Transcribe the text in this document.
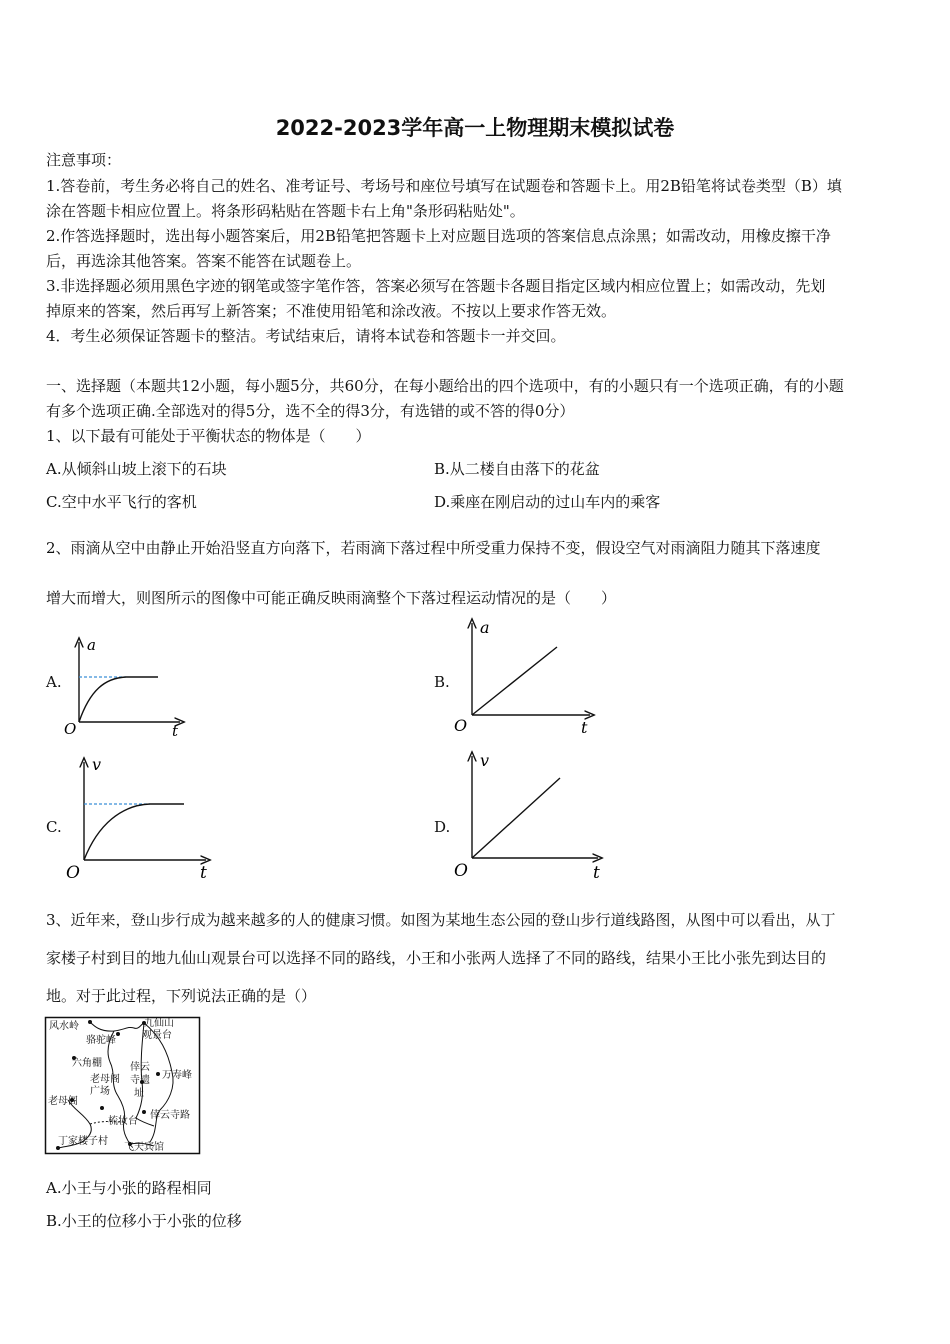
2022-2023学年高一上物理期末模拟试卷
注意事项：
1.答卷前，考生务必将自己的姓名、准考证号、考场号和座位号填写在试题卷和答题卡上。用2B铅笔将试卷类型（B）填
涂在答题卡相应位置上。将条形码粘贴在答题卡右上角"条形码粘贴处"。
2.作答选择题时，选出每小题答案后，用2B铅笔把答题卡上对应题目选项的答案信息点涂黑；如需改动，用橡皮擦干净
后，再选涂其他答案。答案不能答在试题卷上。
3.非选择题必须用黑色字迹的钢笔或签字笔作答，答案必须写在答题卡各题目指定区域内相应位置上；如需改动，先划
掉原来的答案，然后再写上新答案；不准使用铅笔和涂改液。不按以上要求作答无效。
4．考生必须保证答题卡的整洁。考试结束后，请将本试卷和答题卡一并交回。
一、选择题（本题共12小题，每小题5分，共60分，在每小题给出的四个选项中，有的小题只有一个选项正确，有的小题
有多个选项正确.全部选对的得5分，选不全的得3分，有选错的或不答的得0分）
1、以下最有可能处于平衡状态的物体是（　　）
A.从倾斜山坡上滚下的石块	B.从二楼自由落下的花盆
C.空中水平飞行的客机	D.乘座在刚启动的过山车内的乘客
2、雨滴从空中由静止开始沿竖直方向落下，若雨滴下落过程中所受重力保持不变，假设空气对雨滴阻力随其下落速度
增大而增大，则图所示的图像中可能正确反映雨滴整个下落过程运动情况的是（　　）
A.
a
t
O
B.
a
t
O
C.
v
t
O
D.
v
t
O
3、近年来，登山步行成为越来越多的人的健康习惯。如图为某地生态公园的登山步行道线路图，从图中可以看出，从丁
家楼子村到目的地九仙山观景台可以选择不同的路线，小王和小张两人选择了不同的路线，结果小王比小张先到达目的
地。对于此过程，下列说法正确的是（）
风水岭	九仙山
观景台
骆驼峰
六角棚
老母阁
广场
倖云
寺遗
址
万寿峰
老母阁
梳妆台
倖云寺路
丁家楼子村
飞天宾馆
A.小王与小张的路程相同
B.小王的位移小于小张的位移
